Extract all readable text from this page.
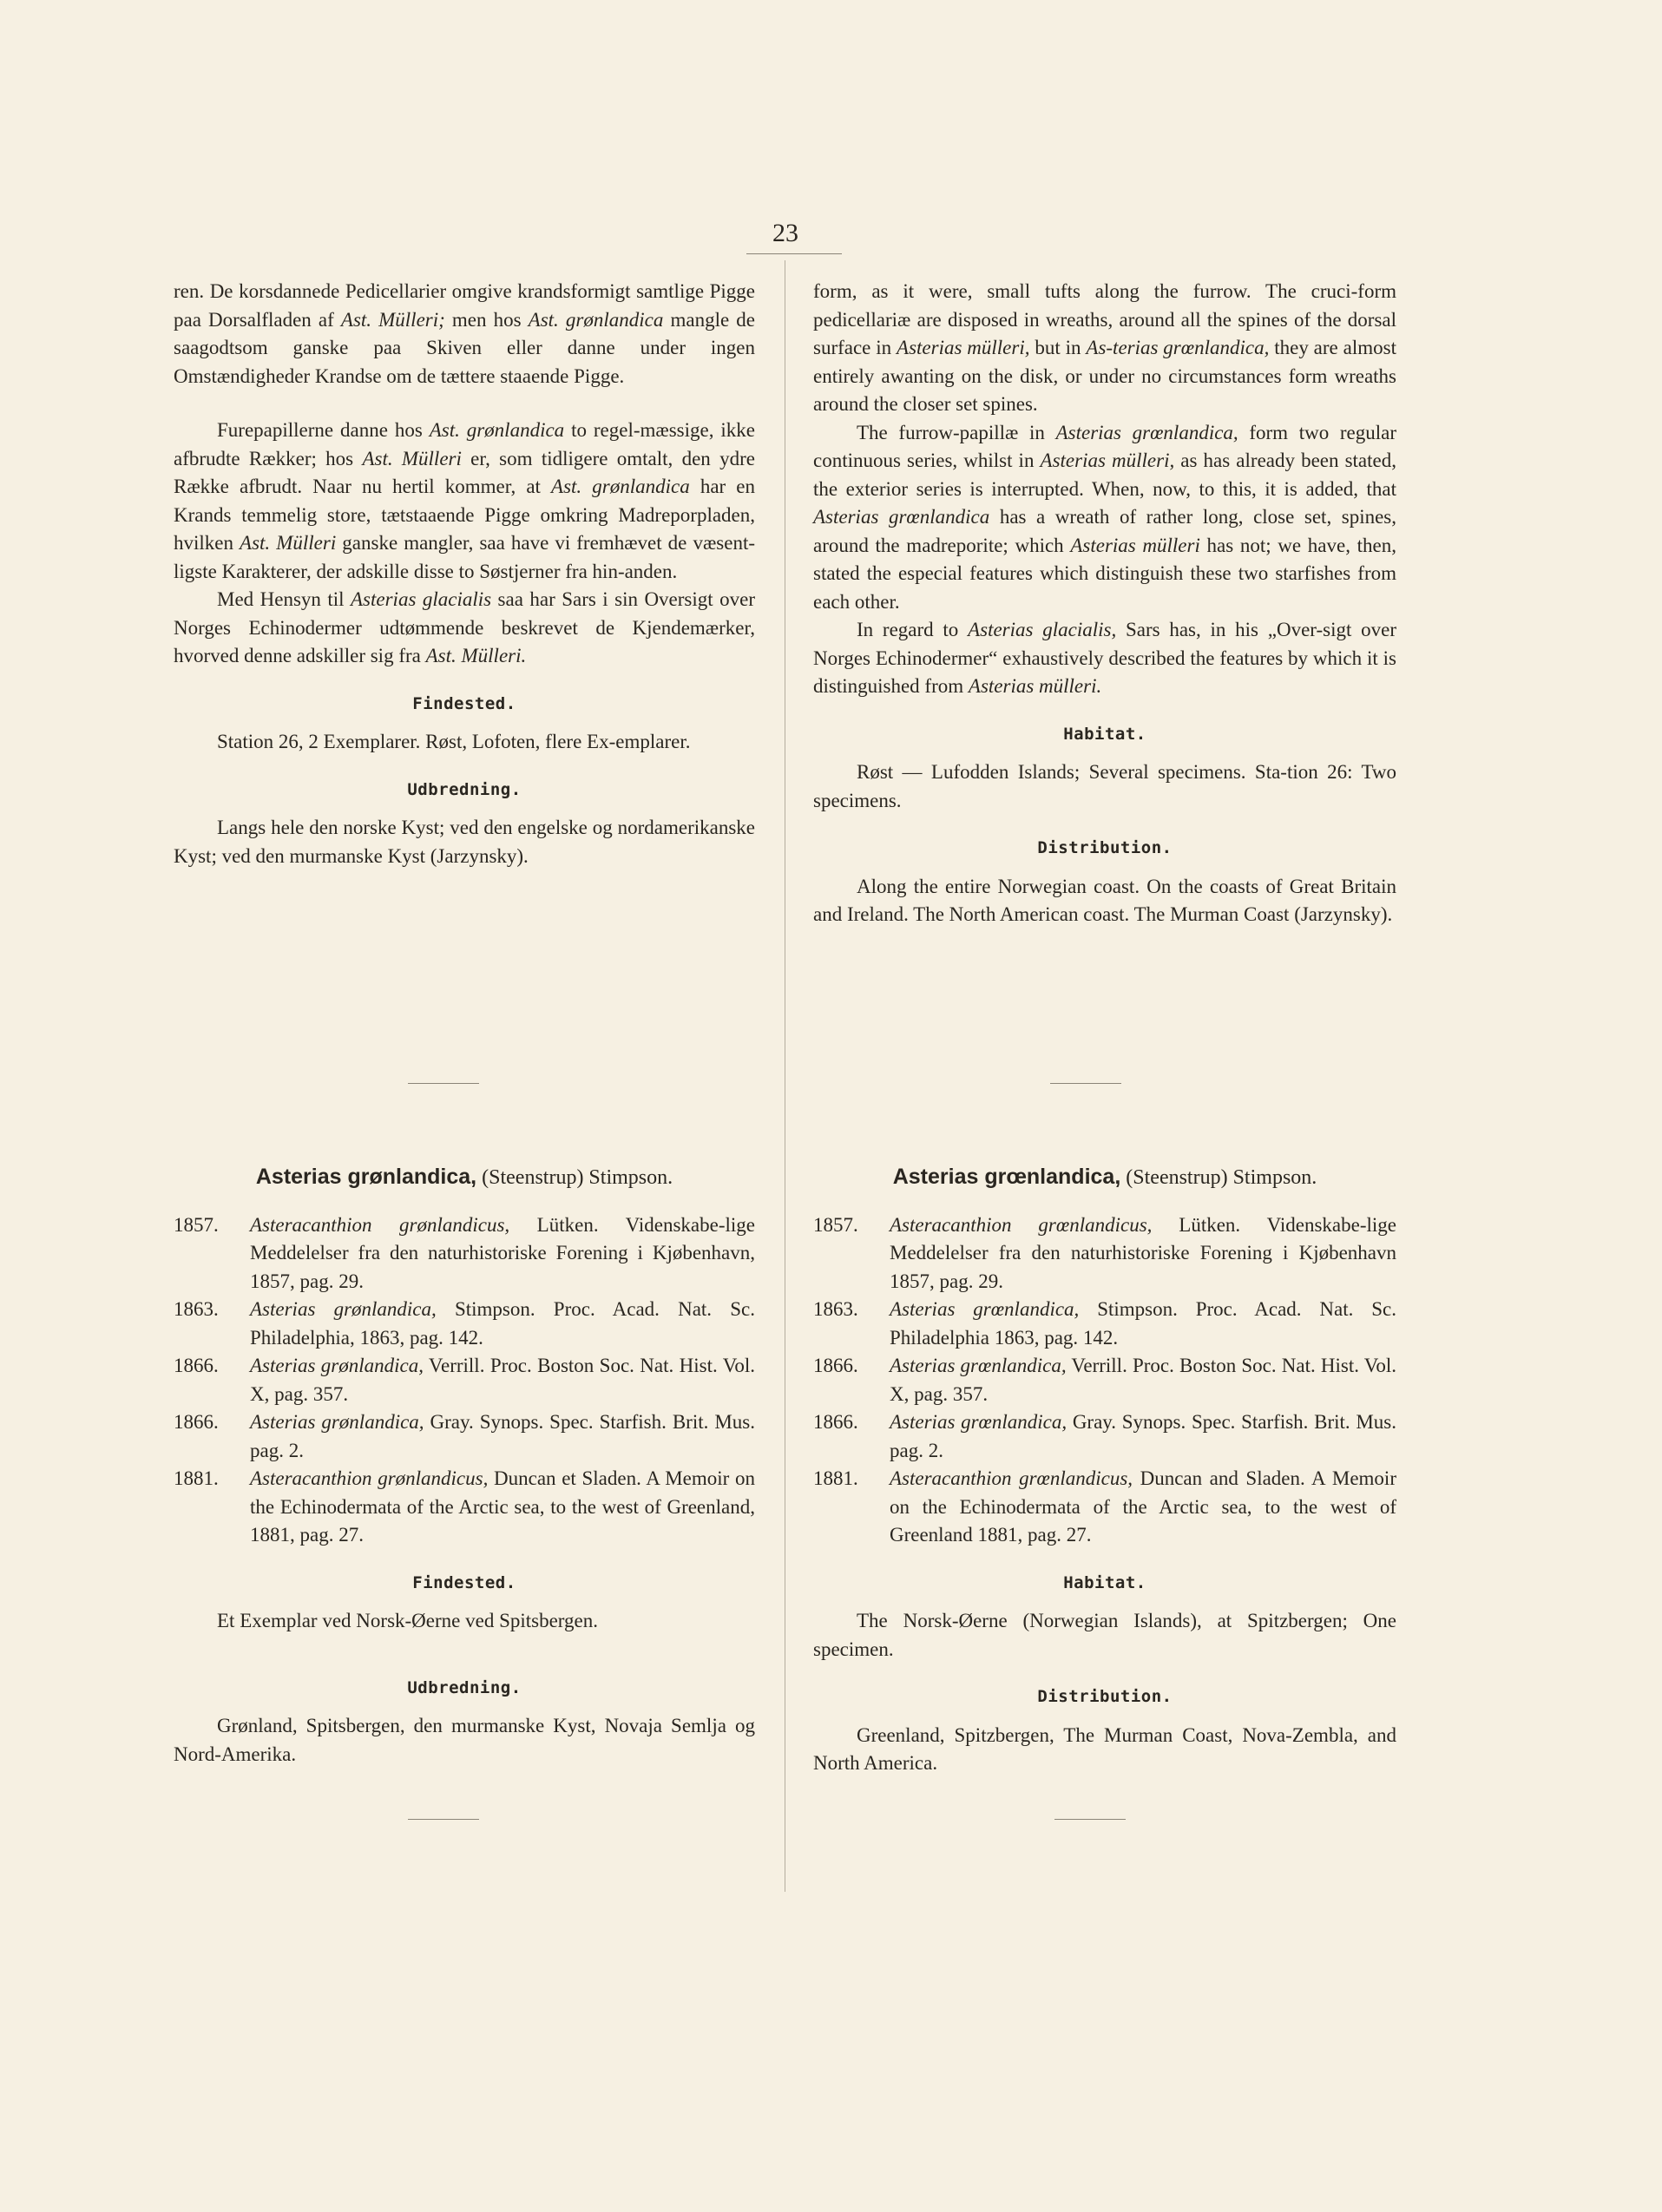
23

ren. De korsdannede Pedicellarier omgive krandsformigt samtlige Pigge paa Dorsalfladen af Ast. Mülleri; men hos Ast. grønlandica mangle de saagodtsom ganske paa Skiven eller danne under ingen Omstændigheder Krandse om de tættere staaende Pigge.

Furepapillerne danne hos Ast. grønlandica to regel-mæssige, ikke afbrudte Rækker; hos Ast. Mülleri er, som tidligere omtalt, den ydre Række afbrudt. Naar nu hertil kommer, at Ast. grønlandica har en Krands temmelig store, tætstaaende Pigge omkring Madreporpladen, hvilken Ast. Mülleri ganske mangler, saa have vi fremhævet de væsent-ligste Karakterer, der adskille disse to Søstjerner fra hin-anden.

Med Hensyn til Asterias glacialis saa har Sars i sin Oversigt over Norges Echinodermer udtømmende beskrevet de Kjendemærker, hvorved denne adskiller sig fra Ast. Mülleri.

Findested.

Station 26, 2 Exemplarer. Røst, Lofoten, flere Ex-emplarer.

Udbredning.

Langs hele den norske Kyst; ved den engelske og nordamerikanske Kyst; ved den murmanske Kyst (Jarzynsky).

form, as it were, small tufts along the furrow. The cruci-form pedicellariæ are disposed in wreaths, around all the spines of the dorsal surface in Asterias mülleri, but in As-terias grœnlandica, they are almost entirely awanting on the disk, or under no circumstances form wreaths around the closer set spines.

The furrow-papillæ in Asterias grœnlandica, form two regular continuous series, whilst in Asterias mülleri, as has already been stated, the exterior series is interrupted. When, now, to this, it is added, that Asterias grœnlandica has a wreath of rather long, close set, spines, around the madreporite; which Asterias mülleri has not; we have, then, stated the especial features which distinguish these two starfishes from each other.

In regard to Asterias glacialis, Sars has, in his „Over-sigt over Norges Echinodermer“ exhaustively described the features by which it is distinguished from Asterias mülleri.

Habitat.

Røst — Lufodden Islands; Several specimens. Sta-tion 26: Two specimens.

Distribution.

Along the entire Norwegian coast. On the coasts of Great Britain and Ireland. The North American coast. The Murman Coast (Jarzynsky).

Asterias grønlandica, (Steenstrup) Stimpson.
1857.	Asteracanthion grønlandicus, Lütken. Videnskabe-lige Meddelelser fra den naturhistoriske Forening i Kjøbenhavn, 1857, pag. 29.
1863.	Asterias grønlandica, Stimpson. Proc. Acad. Nat. Sc. Philadelphia, 1863, pag. 142.
1866.	Asterias grønlandica, Verrill. Proc. Boston Soc. Nat. Hist. Vol. X, pag. 357.
1866.	Asterias grønlandica, Gray. Synops. Spec. Starfish. Brit. Mus. pag. 2.
1881.	Asteracanthion grønlandicus, Duncan et Sladen. A Memoir on the Echinodermata of the Arctic sea, to the west of Greenland, 1881, pag. 27.
Findested.

Et Exemplar ved Norsk-Øerne ved Spitsbergen.

Udbredning.

Grønland, Spitsbergen, den murmanske Kyst, Novaja Semlja og Nord-Amerika.

Asterias grœnlandica, (Steenstrup) Stimpson.
1857.	Asteracanthion grœnlandicus, Lütken. Videnskabe-lige Meddelelser fra den naturhistoriske Forening i Kjøbenhavn 1857, pag. 29.
1863.	Asterias grœnlandica, Stimpson. Proc. Acad. Nat. Sc. Philadelphia 1863, pag. 142.
1866.	Asterias grœnlandica, Verrill. Proc. Boston Soc. Nat. Hist. Vol. X, pag. 357.
1866.	Asterias grœnlandica, Gray. Synops. Spec. Starfish. Brit. Mus. pag. 2.
1881.	Asteracanthion grœnlandicus, Duncan and Sladen. A Memoir on the Echinodermata of the Arctic sea, to the west of Greenland 1881, pag. 27.
Habitat.

The Norsk-Øerne (Norwegian Islands), at Spitzbergen; One specimen.

Distribution.

Greenland, Spitzbergen, The Murman Coast, Nova-Zembla, and North America.
